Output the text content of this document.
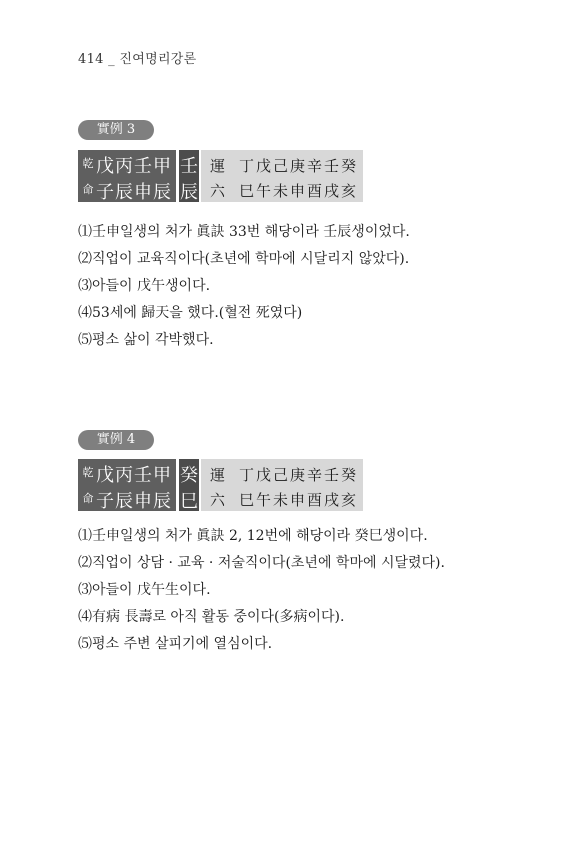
414 _ 진여명리강론
實例 3
乾 戊丙壬甲
命 子辰申辰
壬
辰
運 丁戊己庚辛壬癸
六 巳午未申酉戌亥
⑴壬申일생의 처가 眞訣 33번 해당이라 壬辰생이었다.
⑵직업이 교육직이다(초년에 학마에 시달리지 않았다).
⑶아들이 戊午생이다.
⑷53세에 歸天을 했다.(혈전 死였다)
⑸평소 삶이 각박했다.
實例 4
乾 戊丙壬甲
命 子辰申辰
癸
巳
運 丁戊己庚辛壬癸
六 巳午未申酉戌亥
⑴壬申일생의 처가 眞訣 2, 12번에 해당이라 癸巳생이다.
⑵직업이 상담 · 교육 · 저술직이다(초년에 학마에 시달렸다).
⑶아들이 戊午生이다.
⑷有病 長壽로 아직 활동 중이다(多病이다).
⑸평소 주변 살피기에 열심이다.
